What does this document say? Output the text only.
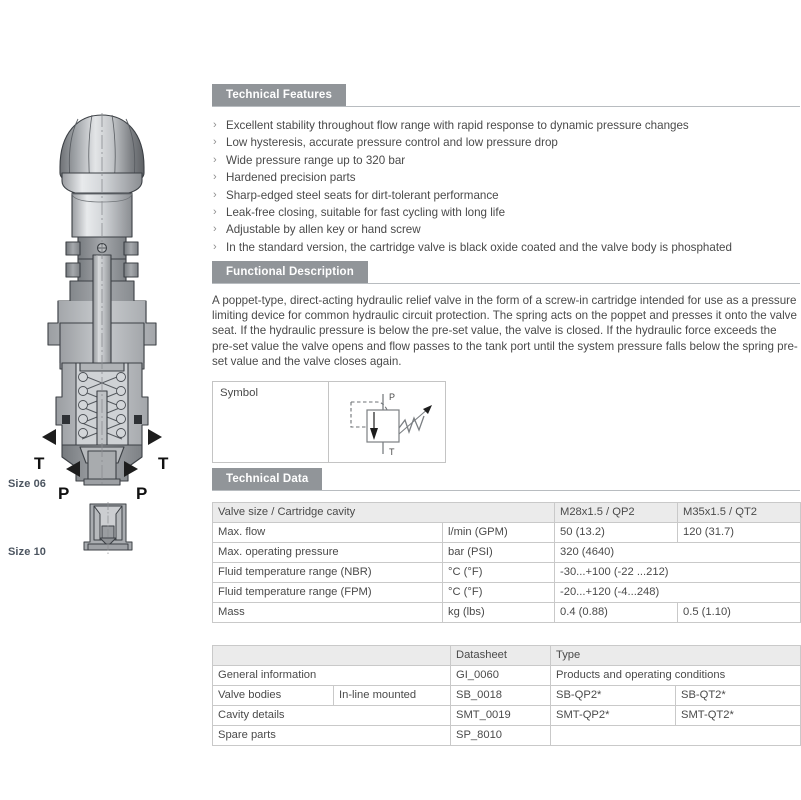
T	T
P	P
Size 06
Size 10
Technical Features
› Excellent stability throughout flow range with rapid response to dynamic pressure changes
› Low hysteresis, accurate pressure control and low pressure drop
› Wide pressure range up to 320 bar
› Hardened precision parts
› Sharp-edged steel seats for dirt-tolerant performance
› Leak-free closing, suitable for fast cycling with long life
› Adjustable by allen key or hand screw
› In the standard version, the cartridge valve is black oxide coated and the valve body is phosphated
Functional Description
A poppet-type, direct-acting hydraulic relief valve in the form of a screw-in cartridge intended for use as a pressure limiting device for common hydraulic circuit protection. The spring acts on the poppet and presses it onto the valve seat. If the hydraulic pressure is below the pre-set value, the valve is closed. If the hydraulic force exceeds the pre-set value the valve opens and flow passes to the tank port until the system pressure falls below the spring pre-set value and the valve closes again.
Symbol	P
T
Technical Data
Valve size / Cartridge cavity		M28x1.5 / QP2	M35x1.5 / QT2
Max. flow	l/min (GPM)	50 (13.2)	120 (31.7)
Max. operating pressure	bar (PSI)	320 (4640)	
Fluid temperature range (NBR)	°C (°F)	-30...+100 (-22 ...212)	
Fluid temperature range (FPM)	°C (°F)	-20...+120 (-4...248)	
Mass	kg (lbs)	0.4 (0.88)	0.5 (1.10)
		Datasheet	Type	
General information		GI_0060	Products and operating conditions	
Valve bodies	In-line mounted	SB_0018	SB-QP2*	SB-QT2*
Cavity details		SMT_0019	SMT-QP2*	SMT-QT2*
Spare parts		SP_8010		
